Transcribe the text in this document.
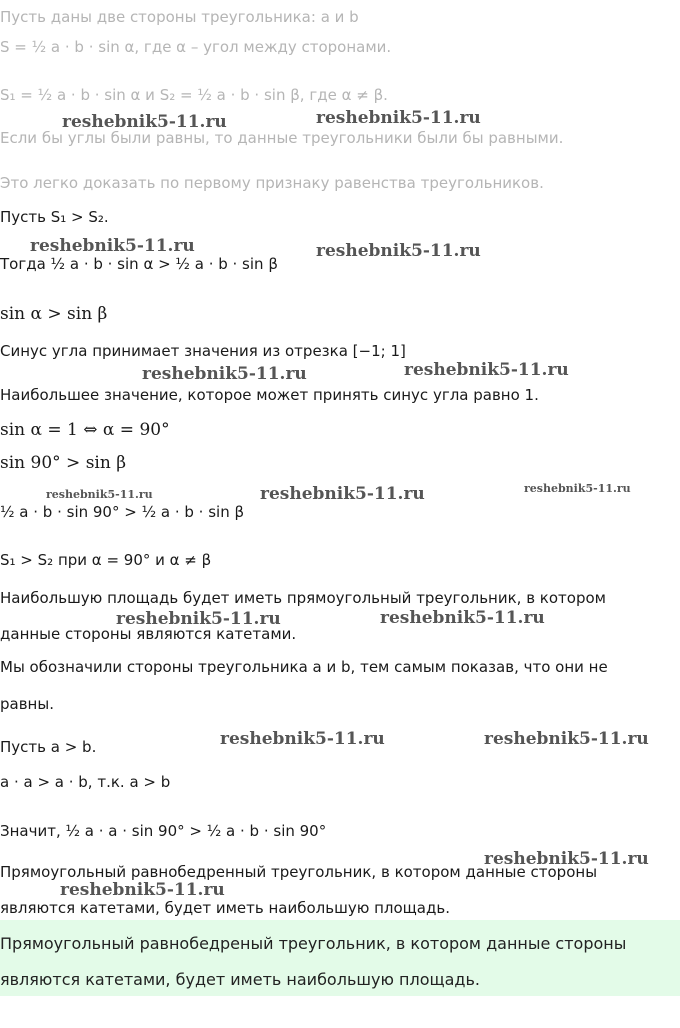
Пусть даны две стороны треугольника: a и b
S = ½ a · b · sin α, где α – угол между сторонами.
S₁ = ½ a · b · sin α и S₂ = ½ a · b · sin β, где α ≠ β.
Если бы углы были равны, то данные треугольники были бы равными.
Это легко доказать по первому признаку равенства треугольников.
Пусть S₁ > S₂.
Тогда ½ a · b · sin α > ½ a · b · sin β
sin α > sin β
Синус угла принимает значения из отрезка [−1; 1]
Наибольшее значение, которое может принять синус угла равно 1.
sin α = 1 ⇔ α = 90°
sin 90° > sin β
½ a · b · sin 90° > ½ a · b · sin β
S₁ > S₂ при α = 90° и α ≠ β
Наибольшую площадь будет иметь прямоугольный треугольник, в котором
данные стороны являются катетами.
Мы обозначили стороны треугольника a и b, тем самым показав, что они не
равны.
Пусть a > b.
a · a > a · b, т.к. a > b
Значит, ½ a · a · sin 90° > ½ a · b · sin 90°
Прямоугольный равнобедренный треугольник, в котором данные стороны
являются катетами, будет иметь наибольшую площадь.

Прямоугольный равнобедреный треугольник, в котором данные стороны

являются катетами, будет иметь наибольшую площадь.

reshebnik5-11.ru	reshebnik5-11.ru
reshebnik5-11.ru	reshebnik5-11.ru
reshebnik5-11.ru	reshebnik5-11.ru
reshebnik5-11.ru	reshebnik5-11.ru	reshebnik5-11.ru
reshebnik5-11.ru	reshebnik5-11.ru
reshebnik5-11.ru	reshebnik5-11.ru
reshebnik5-11.ru
reshebnik5-11.ru
